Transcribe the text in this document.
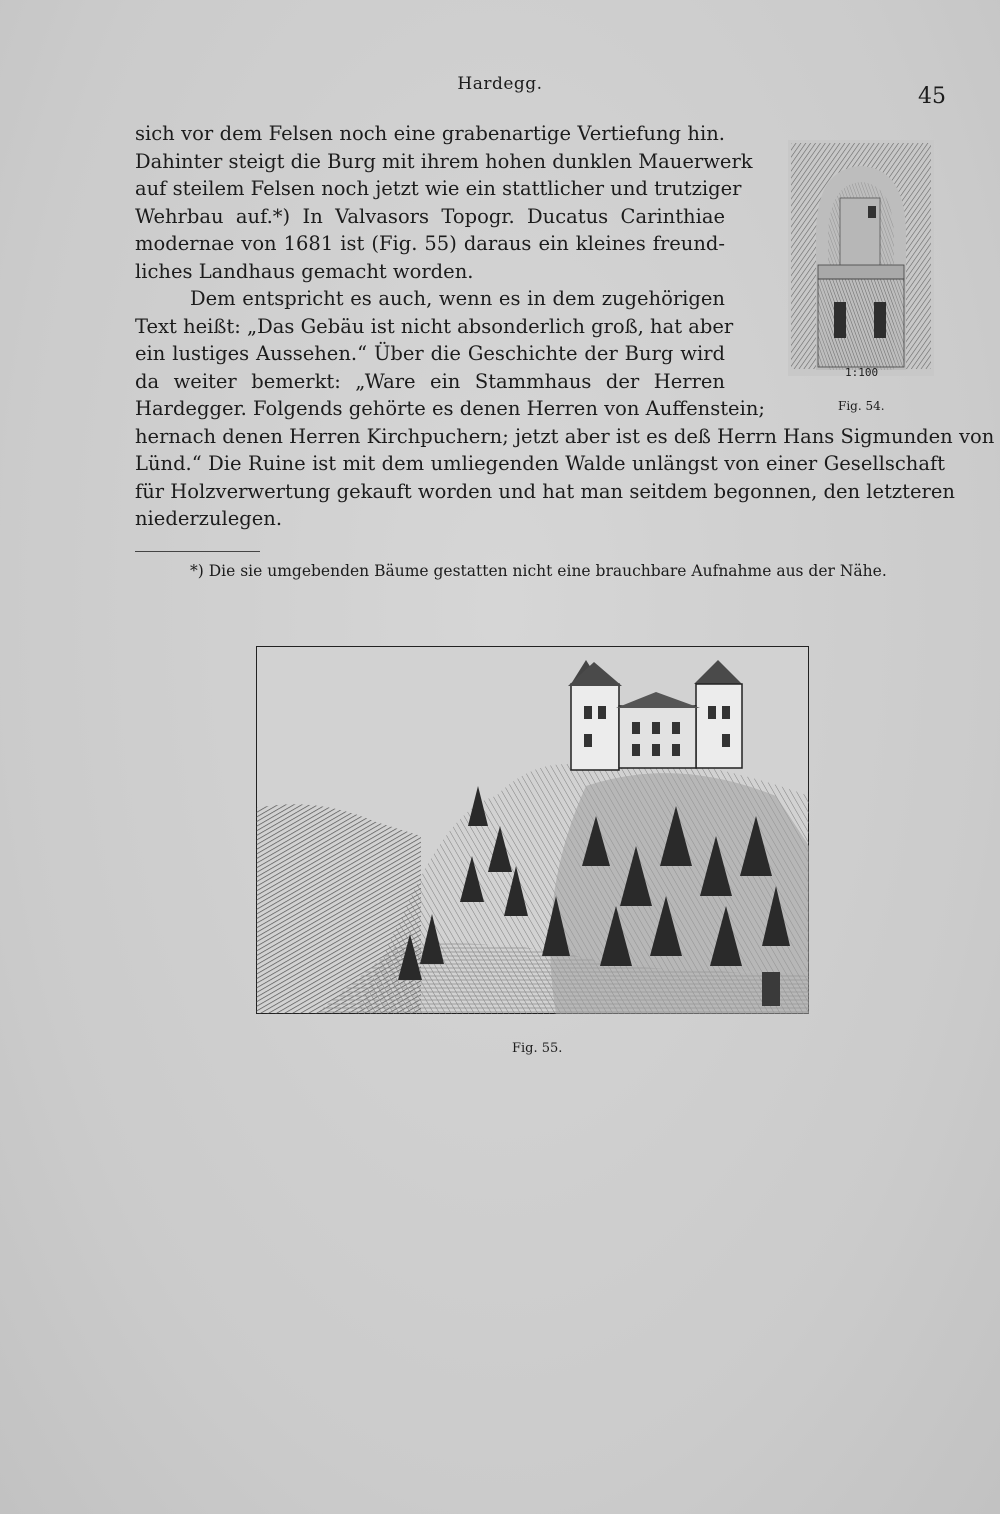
Hardegg.	45
sich vor dem Felsen noch eine grabenartige Vertiefung hin.
Dahinter steigt die Burg mit ihrem hohen dunklen Mauerwerk
auf steilem Felsen noch jetzt wie ein stattlicher und trutziger
Wehrbau auf.*) In Valvasors Topogr. Ducatus Carinthiae
modernae von 1681 ist (Fig. 55) daraus ein kleines freund-
liches Landhaus gemacht worden.
Dem entspricht es auch, wenn es in dem zugehörigen
Text heißt: „Das Gebäu ist nicht absonderlich groß, hat aber
ein lustiges Aussehen.“ Über die Geschichte der Burg wird
da weiter bemerkt: „Ware ein Stammhaus der Herren
Hardegger. Folgends gehörte es denen Herren von Auffenstein;
hernach denen Herren Kirchpuchern; jetzt aber ist es deß Herrn Hans Sigmunden von
Lünd.“ Die Ruine ist mit dem umliegenden Walde unlängst von einer Gesellschaft
für Holzverwertung gekauft worden und hat man seitdem begonnen, den letzteren
niederzulegen.
*) Die sie umgebenden Bäume gestatten nicht eine brauchbare Aufnahme aus der Nähe.
1:100
Fig. 54.
Fig. 55.
